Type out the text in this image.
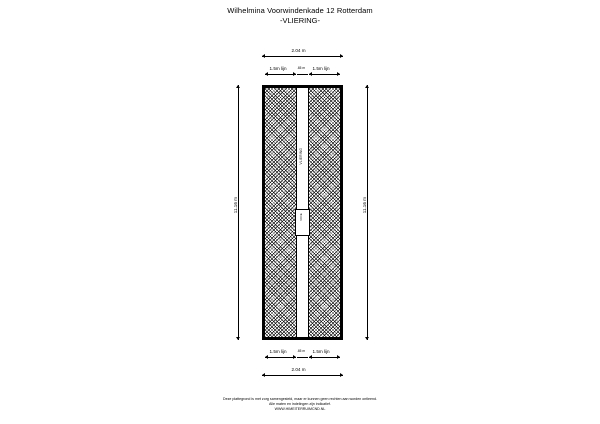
Wilhelmina Voorwindenkade 12 Rotterdam
-VLIERING-
2.04 m
1.5m lijn	.65 m	1.5m lijn
11.16 m	11.16 m
VLIERING
VIDE
1.5m lijn	.65 m	1.5m lijn
2.04 m
Deze plattegrond is met zorg samengesteld, maar er kunnen geen rechten aan worden ontleend.
Alle maten en indelingen zijn indicatief.
WWW.HIMEITERRUIMCND.NL
